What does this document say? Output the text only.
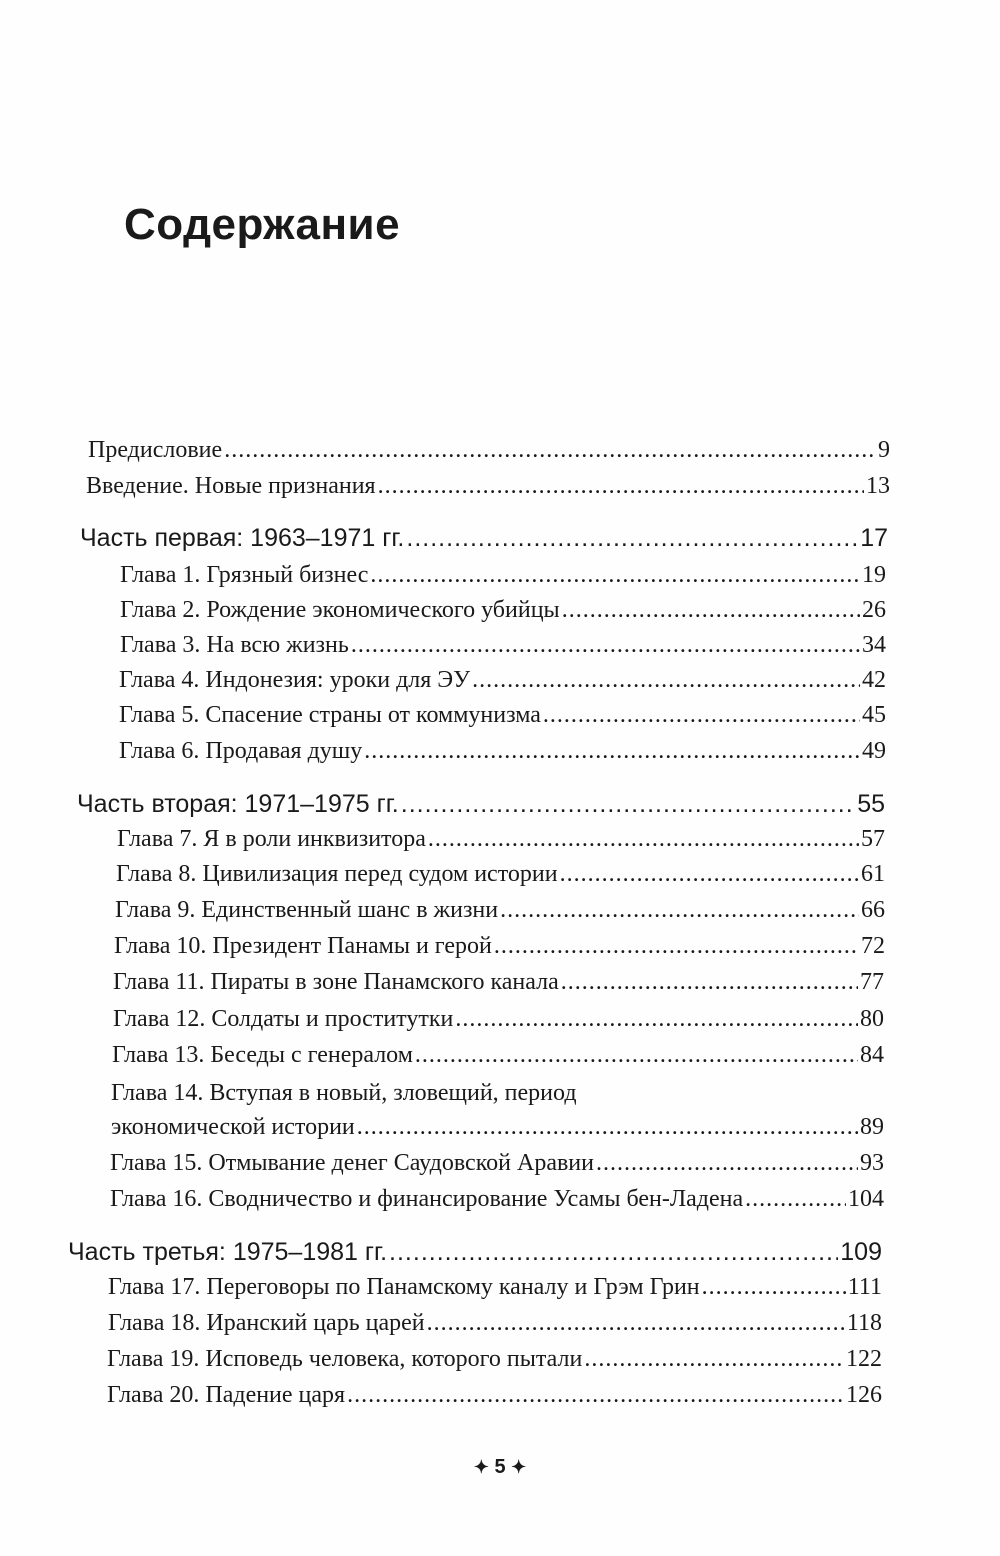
Содержание
Предисловие .....	9
Введение. Новые признания .....	13
Часть первая: 1963–1971 гг. .....	17
Глава 1. Грязный бизнес .....	19
Глава 2. Рождение экономического убийцы .....	26
Глава 3. На всю жизнь .....	34
Глава 4. Индонезия: уроки для ЭУ .....	42
Глава 5. Спасение страны от коммунизма .....	45
Глава 6. Продавая душу .....	49
Часть вторая: 1971–1975 гг. .....	55
Глава 7. Я в роли инквизитора .....	57
Глава 8. Цивилизация перед судом истории .....	61
Глава 9. Единственный шанс в жизни .....	66
Глава 10. Президент Панамы и герой .....	72
Глава 11. Пираты в зоне Панамского канала .....	77
Глава 12. Солдаты и проститутки .....	80
Глава 13. Беседы с генералом .....	84
Глава 14. Вступая в новый, зловещий, период
экономической истории .....	89
Глава 15. Отмывание денег Саудовской Аравии .....	93
Глава 16. Сводничество и финансирование Усамы бен-Ладена .....	104
Часть третья: 1975–1981 гг. .....	109
Глава 17. Переговоры по Панамскому каналу и Грэм Грин .....	111
Глава 18. Иранский царь царей .....	118
Глава 19. Исповедь человека, которого пытали .....	122
Глава 20. Падение царя .....	126
✦ 5 ✦
